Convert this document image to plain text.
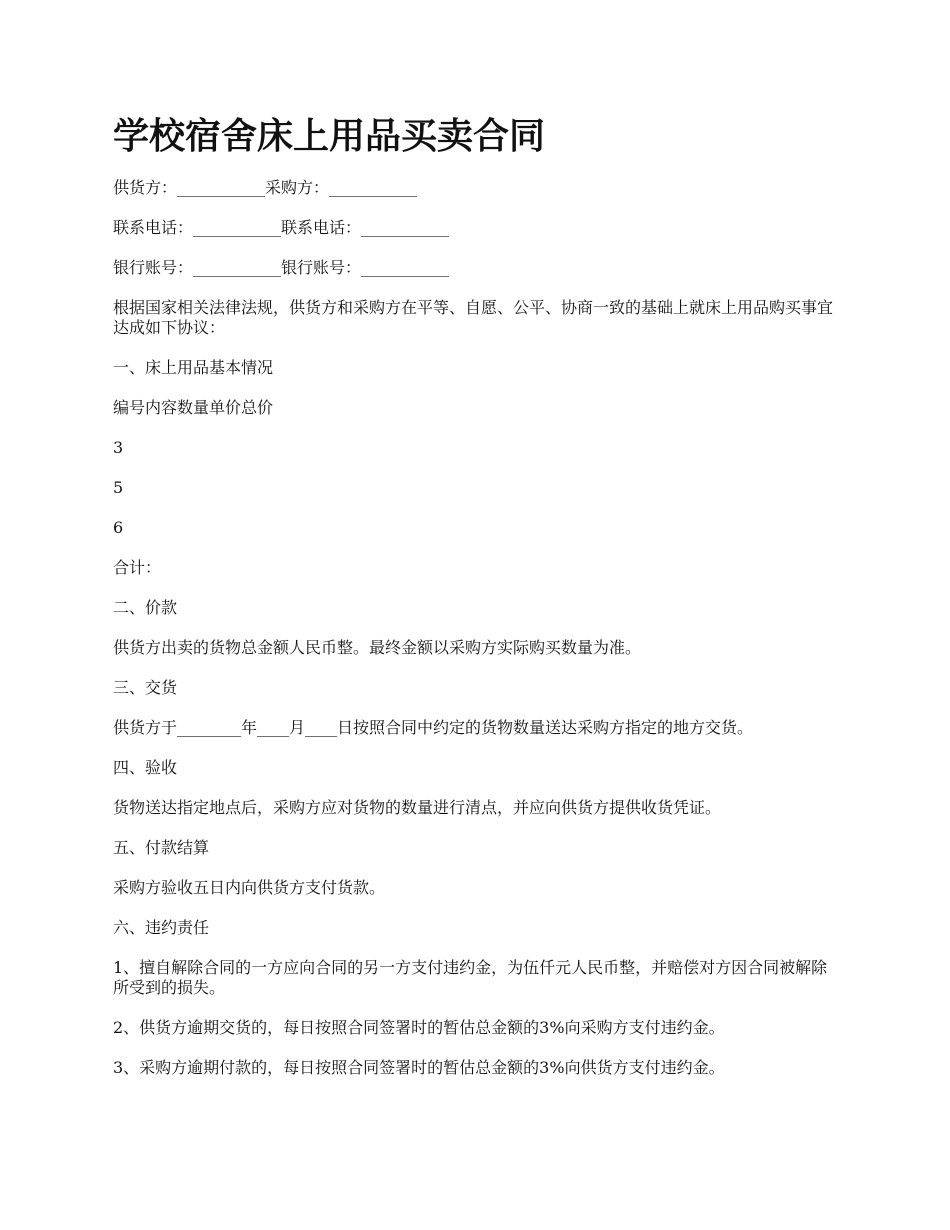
学校宿舍床上用品买卖合同

供货方：___________采购方：___________

联系电话：___________联系电话：___________

银行账号：___________银行账号：___________

根据国家相关法律法规，供货方和采购方在平等、自愿、公平、协商一致的基础上就床上用品购买事宜达成如下协议：

一、床上用品基本情况

编号内容数量单价总价

3

5

6

合计：

二、价款

供货方出卖的货物总金额人民币整。最终金额以采购方实际购买数量为准。

三、交货

供货方于________年____月____日按照合同中约定的货物数量送达采购方指定的地方交货。

四、验收

货物送达指定地点后，采购方应对货物的数量进行清点，并应向供货方提供收货凭证。

五、付款结算

采购方验收五日内向供货方支付货款。

六、违约责任

1、擅自解除合同的一方应向合同的另一方支付违约金，为伍仟元人民币整，并赔偿对方因合同被解除所受到的损失。

2、供货方逾期交货的，每日按照合同签署时的暂估总金额的3%向采购方支付违约金。

3、采购方逾期付款的，每日按照合同签署时的暂估总金额的3%向供货方支付违约金。
